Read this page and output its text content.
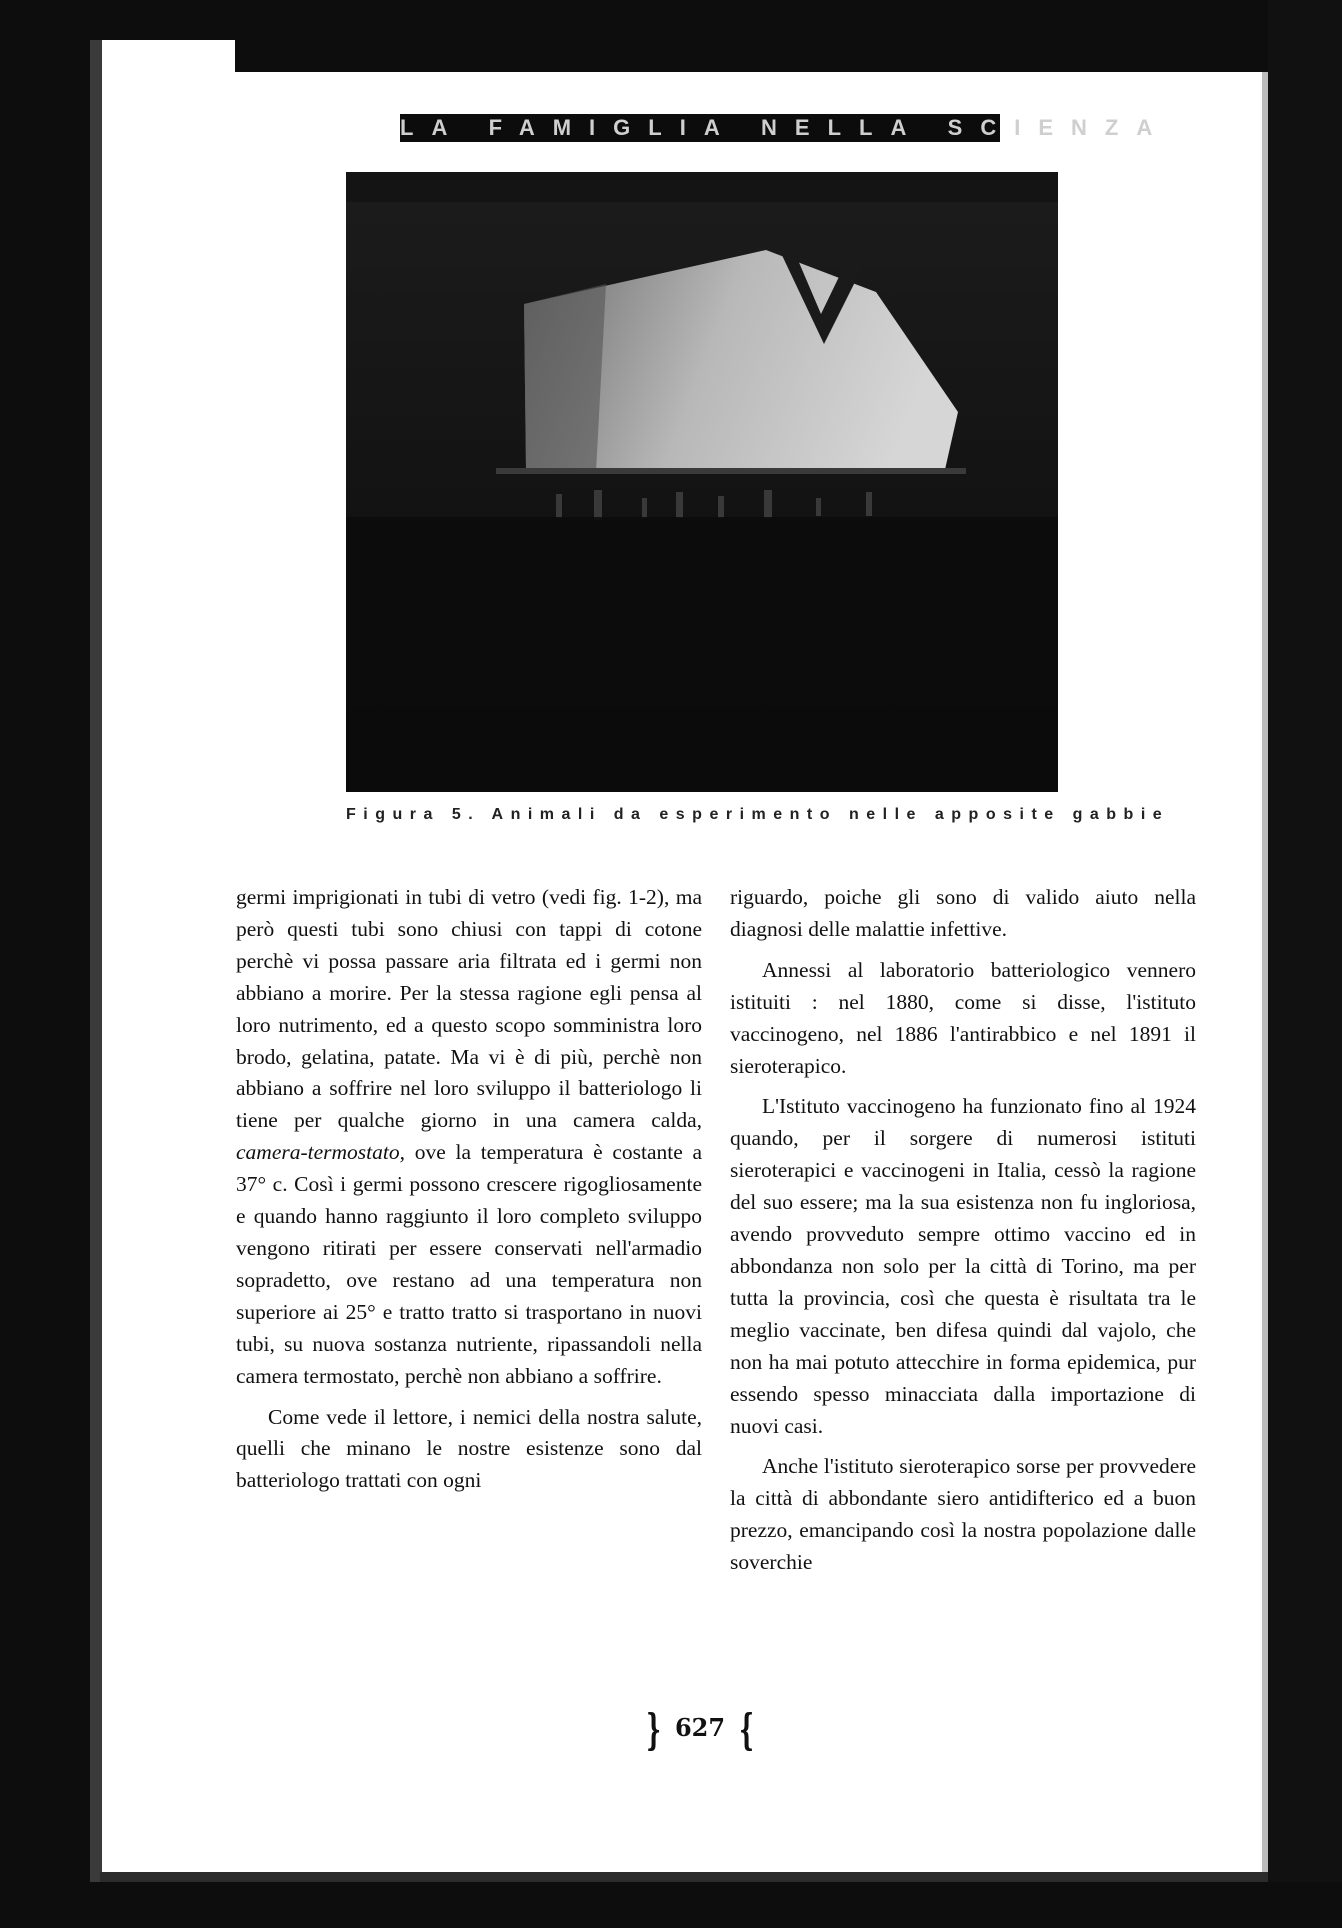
LA FAMIGLIA NELLA SCIENZA
Figura 5. Animali da esperimento nelle apposite gabbie

germi imprigionati in tubi di vetro (vedi fig. 1-2), ma però questi tubi sono chiusi con tappi di cotone perchè vi possa passare aria filtrata ed i germi non abbiano a morire. Per la stessa ragione egli pensa al loro nutrimento, ed a questo scopo somministra loro brodo, gelatina, patate. Ma vi è di più, perchè non abbiano a soffrire nel loro sviluppo il batteriologo li tiene per qualche giorno in una camera calda, camera-termostato, ove la temperatura è costante a 37° c. Così i germi possono crescere rigogliosamente e quando hanno raggiunto il loro completo sviluppo vengono ritirati per essere conservati nell'armadio sopradetto, ove restano ad una temperatura non superiore ai 25° e tratto tratto si trasportano in nuovi tubi, su nuova sostanza nutriente, ripassandoli nella camera termostato, perchè non abbiano a soffrire.

Come vede il lettore, i nemici della nostra salute, quelli che minano le nostre esistenze sono dal batteriologo trattati con ogni

riguardo, poiche gli sono di valido aiuto nella diagnosi delle malattie infettive.

Annessi al laboratorio batteriologico vennero istituiti : nel 1880, come si disse, l'istituto vaccinogeno, nel 1886 l'antirabbico e nel 1891 il sieroterapico.

L'Istituto vaccinogeno ha funzionato fino al 1924 quando, per il sorgere di numerosi istituti sieroterapici e vaccinogeni in Italia, cessò la ragione del suo essere; ma la sua esistenza non fu ingloriosa, avendo provveduto sempre ottimo vaccino ed in abbondanza non solo per la città di Torino, ma per tutta la provincia, così che questa è risultata tra le meglio vaccinate, ben difesa quindi dal vajolo, che non ha mai potuto attecchire in forma epidemica, pur essendo spesso minacciata dalla importazione di nuovi casi.

Anche l'istituto sieroterapico sorse per provvedere la città di abbondante siero antidifterico ed a buon prezzo, emancipando così la nostra popolazione dalle soverchie

} 627 {
